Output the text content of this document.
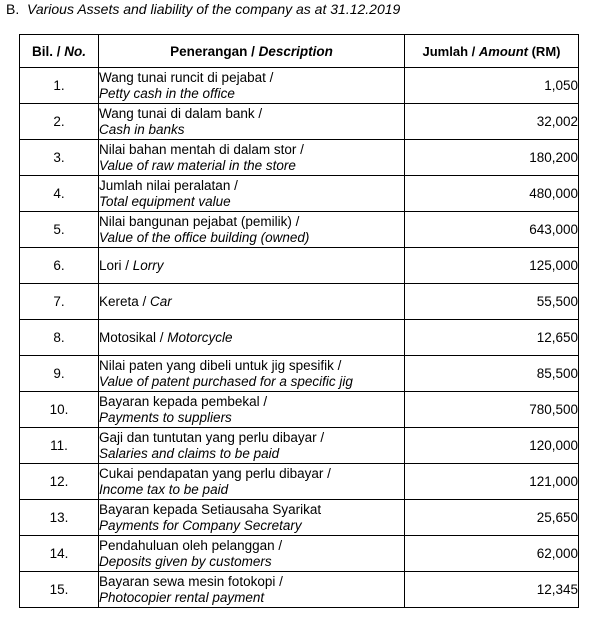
B. Various Assets and liability of the company as at 31.12.2019
Bil. / No.	Penerangan / Description	Jumlah / Amount (RM)
1.	Wang tunai runcit di pejabat /
Petty cash in the office	1,050
2.	Wang tunai di dalam bank /
Cash in banks	32,002
3.	Nilai bahan mentah di dalam stor /
Value of raw material in the store	180,200
4.	Jumlah nilai peralatan /
Total equipment value	480,000
5.	Nilai bangunan pejabat (pemilik) /
Value of the office building (owned)	643,000
6.	Lori / Lorry	125,000
7.	Kereta / Car	55,500
8.	Motosikal / Motorcycle	12,650
9.	Nilai paten yang dibeli untuk jig spesifik /
Value of patent purchased for a specific jig	85,500
10.	Bayaran kepada pembekal /
Payments to suppliers	780,500
11.	Gaji dan tuntutan yang perlu dibayar /
Salaries and claims to be paid	120,000
12.	Cukai pendapatan yang perlu dibayar /
Income tax to be paid	121,000
13.	Bayaran kepada Setiausaha Syarikat
Payments for Company Secretary	25,650
14.	Pendahuluan oleh pelanggan /
Deposits given by customers	62,000
15.	Bayaran sewa mesin fotokopi /
Photocopier rental payment	12,345
